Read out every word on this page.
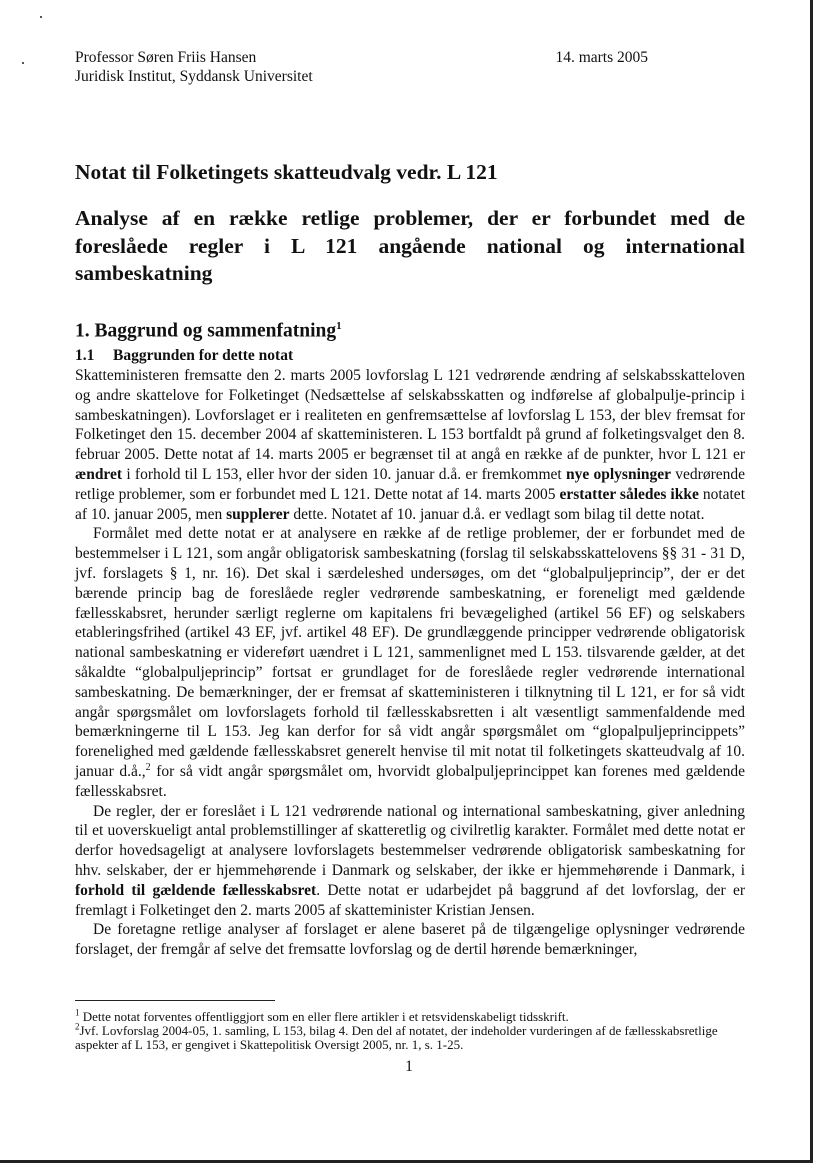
Professor Søren Friis Hansen
Juridisk Institut, Syddansk Universitet
14. marts 2005
Notat til Folketingets skatteudvalg vedr. L 121
Analyse af en række retlige problemer, der er forbundet med de foreslåede regler i L 121 angående national og international sambeskatning
1. Baggrund og sammenfatning$^1$
1.1 Baggrunden for dette notat

Skatteministeren fremsatte den 2. marts 2005 lovforslag L 121 vedrørende ændring af selskabsskatteloven og andre skattelove for Folketinget (Nedsættelse af selskabsskatten og indførelse af globalpulje-princip i sambeskatningen). Lovforslaget er i realiteten en genfremsættelse af lovforslag L 153, der blev fremsat for Folketinget den 15. december 2004 af skatteministeren. L 153 bortfaldt på grund af folketingsvalget den 8. februar 2005. Dette notat af 14. marts 2005 er begrænset til at angå en række af de punkter, hvor L 121 er ændret i forhold til L 153, eller hvor der siden 10. januar d.å. er fremkommet nye oplysninger vedrørende retlige problemer, som er forbundet med L 121. Dette notat af 14. marts 2005 erstatter således ikke notatet af 10. januar 2005, men supplerer dette. Notatet af 10. januar d.å. er vedlagt som bilag til dette notat.

Formålet med dette notat er at analysere en række af de retlige problemer, der er forbundet med de bestemmelser i L 121, som angår obligatorisk sambeskatning (forslag til selskabsskattelovens §§ 31 - 31 D, jvf. forslagets § 1, nr. 16). Det skal i særdeleshed undersøges, om det “globalpuljeprincip”, der er det bærende princip bag de foreslåede regler vedrørende sambeskatning, er foreneligt med gældende fællesskabsret, herunder særligt reglerne om kapitalens fri bevægelighed (artikel 56 EF) og selskabers etableringsfrihed (artikel 43 EF, jvf. artikel 48 EF). De grundlæggende principper vedrørende obligatorisk national sambeskatning er videreført uændret i L 121, sammenlignet med L 153. tilsvarende gælder, at det såkaldte “globalpuljeprincip” fortsat er grundlaget for de foreslåede regler vedrørende international sambeskatning. De bemærkninger, der er fremsat af skatteministeren i tilknytning til L 121, er for så vidt angår spørgsmålet om lovforslagets forhold til fællesskabsretten i alt væsentligt sammenfaldende med bemærkningerne til L 153. Jeg kan derfor for så vidt angår spørgsmålet om “glopalpuljeprincippets” forenelighed med gældende fællesskabsret generelt henvise til mit notat til folketingets skatteudvalg af 10. januar d.å.,$^2$ for så vidt angår spørgsmålet om, hvorvidt globalpuljeprincippet kan forenes med gældende fællesskabsret.

De regler, der er foreslået i L 121 vedrørende national og international sambeskatning, giver anledning til et uoverskueligt antal problemstillinger af skatteretlig og civilretlig karakter. Formålet med dette notat er derfor hovedsageligt at analysere lovforslagets bestemmelser vedrørende obligatorisk sambeskatning for hhv. selskaber, der er hjemmehørende i Danmark og selskaber, der ikke er hjemmehørende i Danmark, i forhold til gældende fællesskabsret. Dette notat er udarbejdet på baggrund af det lovforslag, der er fremlagt i Folketinget den 2. marts 2005 af skatteminister Kristian Jensen.

De foretagne retlige analyser af forslaget er alene baseret på de tilgængelige oplysninger vedrørende forslaget, der fremgår af selve det fremsatte lovforslag og de dertil hørende bemærkninger,

$^1$ Dette notat forventes offentliggjort som en eller flere artikler i et retsvidenskabeligt tidsskrift.

$^2$Jvf. Lovforslag 2004-05, 1. samling, L 153, bilag 4. Den del af notatet, der indeholder vurderingen af de fællesskabsretlige aspekter af L 153, er gengivet i Skattepolitisk Oversigt 2005, nr. 1, s. 1-25.

1
